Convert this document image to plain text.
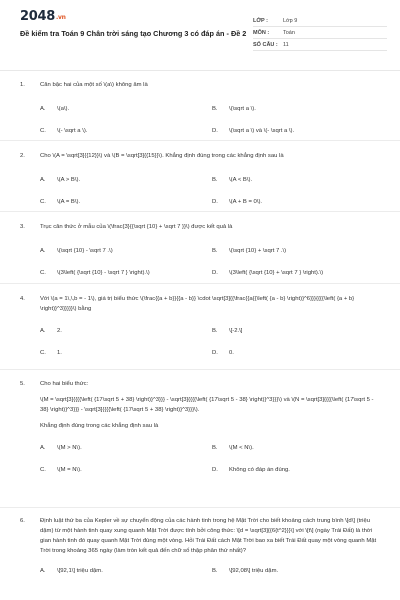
2048.vn
Đề kiểm tra Toán 9 Chân trời sáng tạo Chương 3 có đáp án - Đề 2
LỚP :	Lớp 9
MÔN :	Toán
SỐ CÂU : 11
1.	Căn bậc hai của một số \(a\) không âm là
A. \(a\).	B. \(\sqrt a \).
C. \(- \sqrt a \).	D. \(\sqrt a \) và \(- \sqrt a \).
2.	Cho \(A = \sqrt[3]{{12}}\) và \(B = \sqrt[3]{{15}}\). Khẳng định đúng trong các khẳng định sau là
A. \(A > B\).	B. \(A < B\).
C. \(A = B\).	D. \(A + B = 0\).
3.	Trục căn thức ở mẫu của \(\frac{3}{{\sqrt {10} + \sqrt 7 }}\) được kết quả là
A. \(\sqrt {10} - \sqrt 7 .\)	B. \(\sqrt {10} + \sqrt 7 .\)
C. \(3\left( {\sqrt {10} - \sqrt 7 } \right).\)	D. \(3\left( {\sqrt {10} + \sqrt 7 } \right).\)
4.	Với \(a = 1\,\,b = - 1\), giá trị biểu thức \(\frac{{a + b}}{{a - b}} \cdot \sqrt[3]{{\frac{{a{{\left( {a - b} \right)}^6}}}{{{{\left( {a + b} \right)}^3}}}}}\) bằng
A. 2.	B. \[-2.\]
C. 1.	D. 0.
5.	Cho hai biểu thức:
\(M = \sqrt[3]{{{{\left( {17\sqrt 5 + 38} \right)}^3}}} - \sqrt[3]{{{{\left( {17\sqrt 5 - 38} \right)}^3}}}\) và \(N = \sqrt[3]{{{{\left( {17\sqrt 5 - 38} \right)}^3}}} - \sqrt[3]{{{{\left( {17\sqrt 5 + 38} \right)}^3}}}\).
Khẳng định đúng trong các khẳng định sau là
A. \(M > N\).	B. \(M < N\).
C. \(M = N\).	D. Không có đáp án đúng.
6.	Định luật thứ ba của Kepler về sự chuyển động của các hành tinh trong hệ Mặt Trời cho biết khoảng cách trung bình \[d\] (triệu dặm) từ một hành tinh quay xung quanh Mặt Trời được tính bởi công thức: \[d = \sqrt[3]{{6{t^2}}}\] với \[t\] (ngày Trái Đất) là thời gian hành tinh đó quay quanh Mặt Trời đúng một vòng. Hỏi Trái Đất cách Mặt Trời bao xa biết Trái Đất quay một vòng quanh Mặt Trời trong khoảng 365 ngày (làm tròn kết quả đến chữ số thập phân thứ nhất)?
A. \[92,1\] triệu dặm.	B. \[92,08\] triệu dặm.
